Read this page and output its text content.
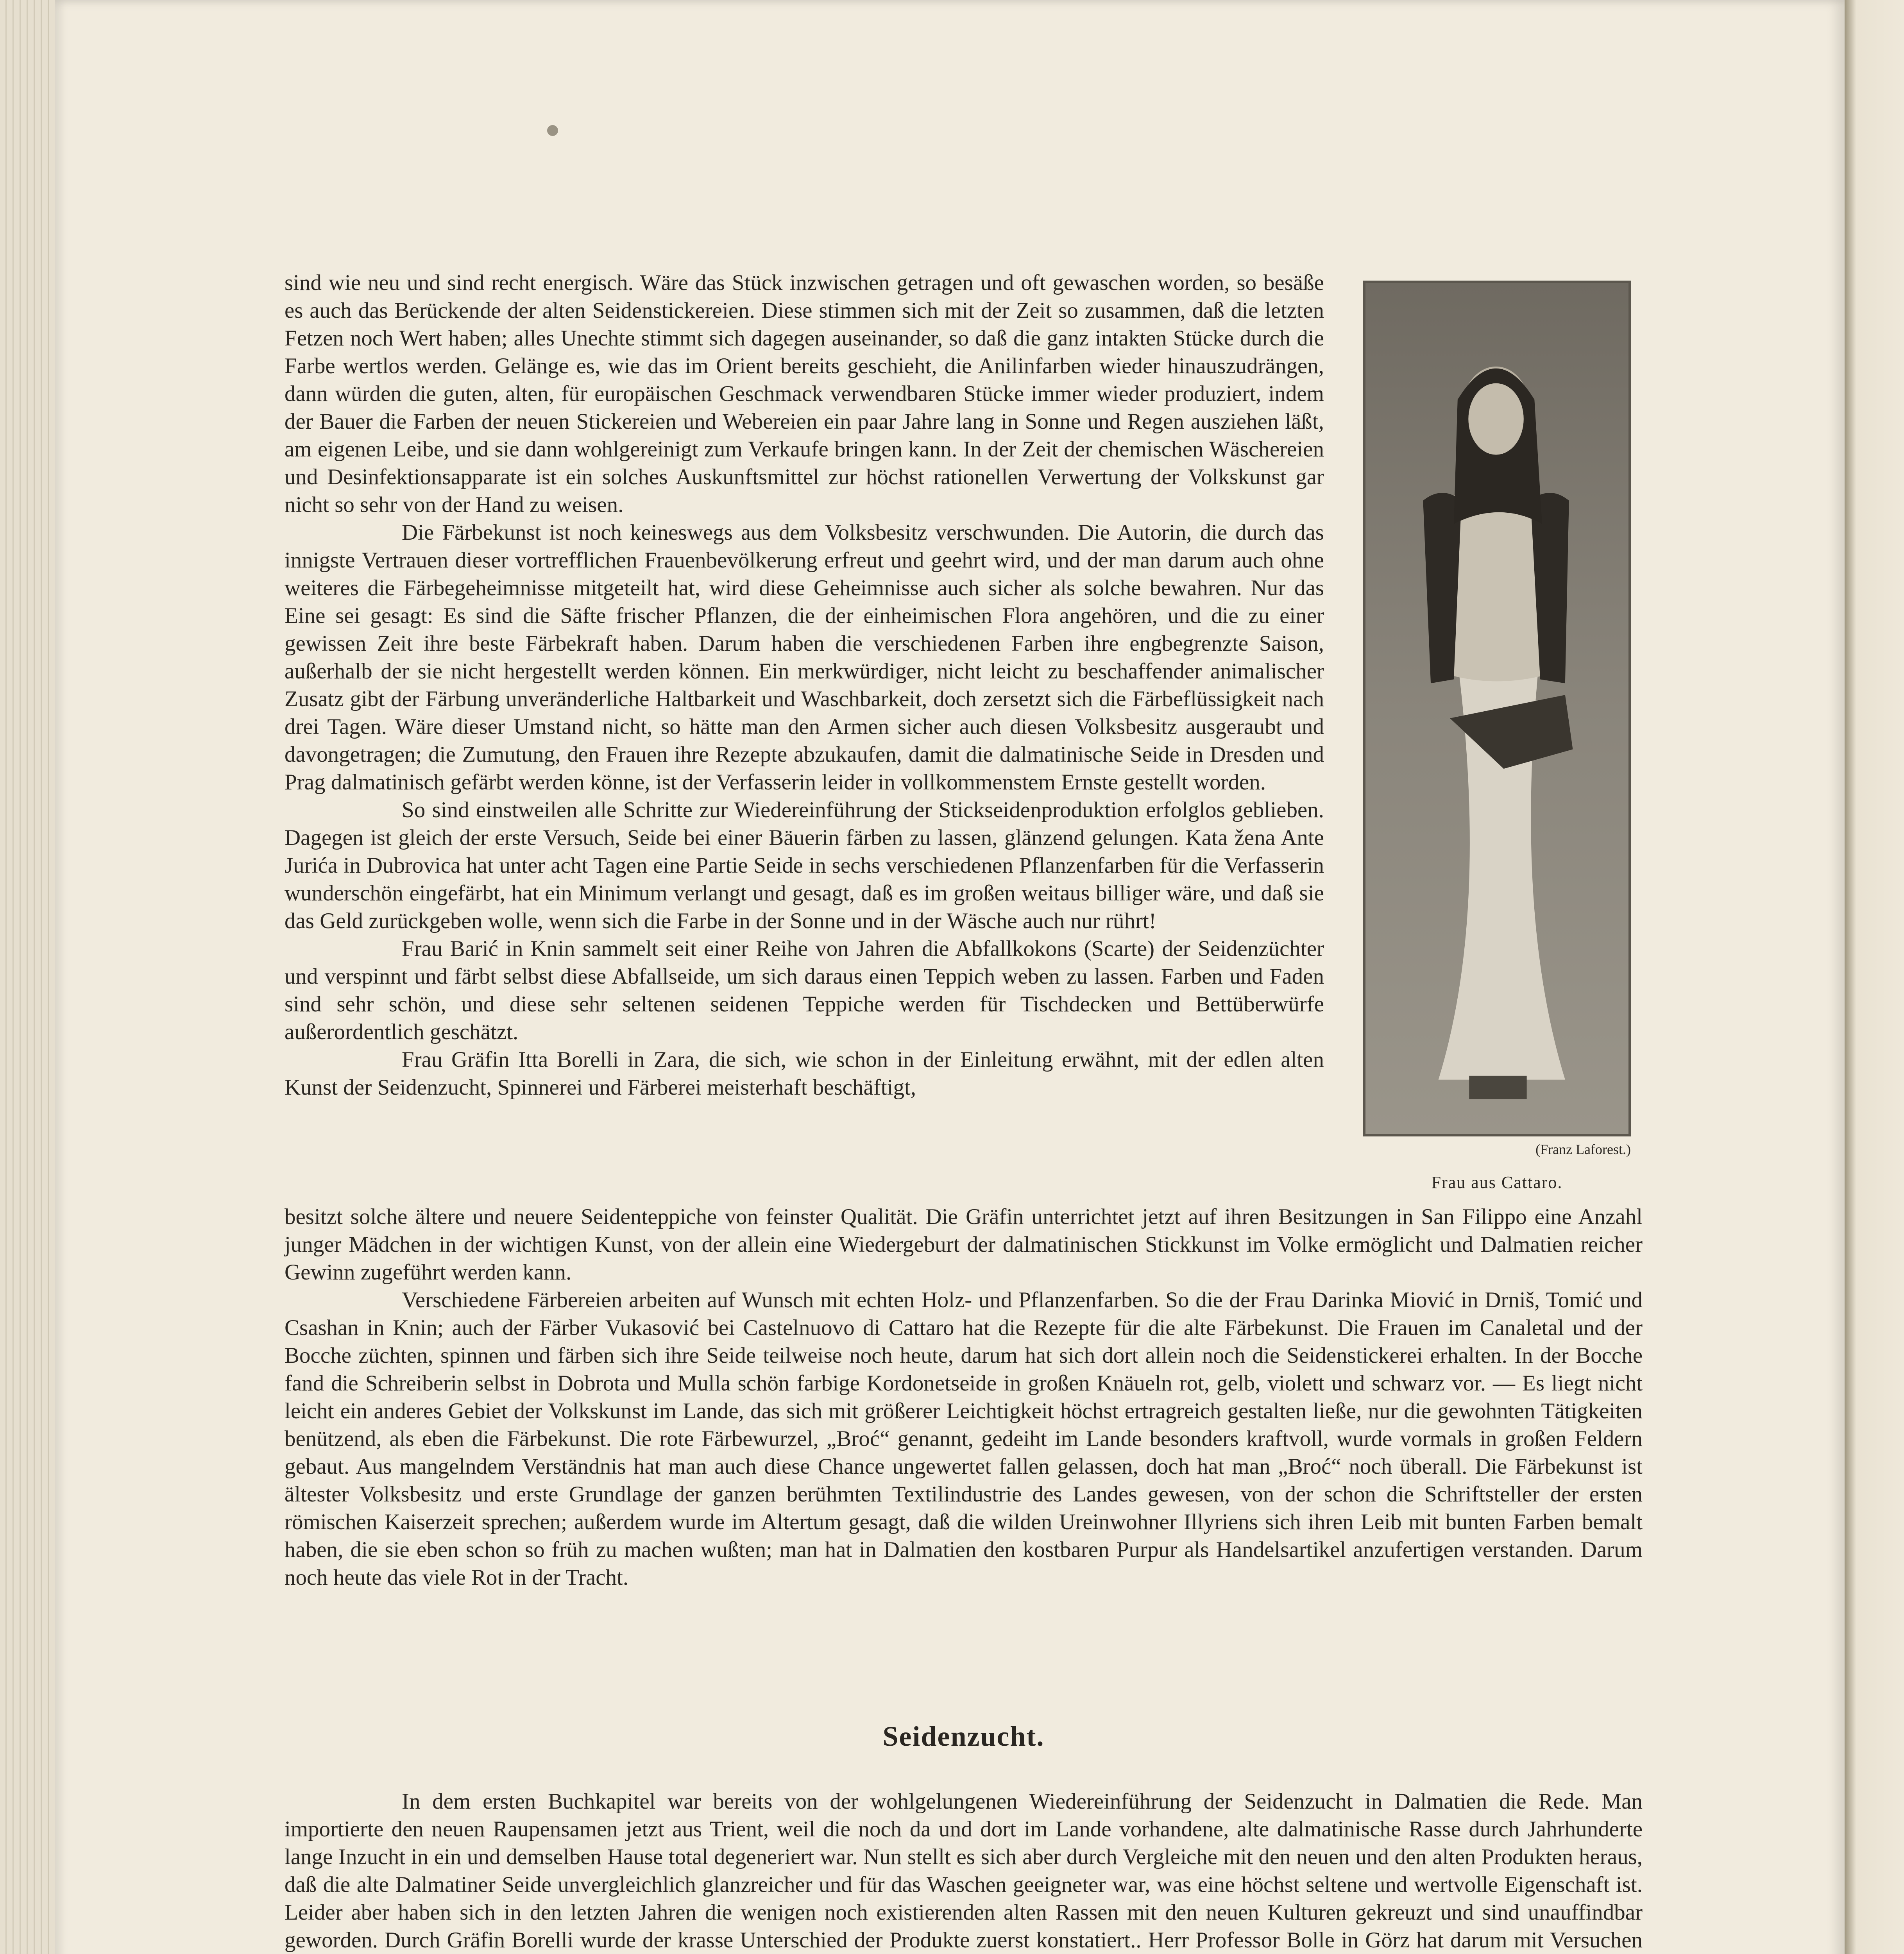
sind wie neu und sind recht energisch. Wäre das Stück inzwischen getragen und oft gewaschen worden, so besäße es auch das Berückende der alten Seidenstickereien. Diese stimmen sich mit der Zeit so zusammen, daß die letzten Fetzen noch Wert haben; alles Unechte stimmt sich dagegen auseinander, so daß die ganz intakten Stücke durch die Farbe wertlos werden. Gelänge es, wie das im Orient bereits geschieht, die Anilinfarben wieder hinauszudrängen, dann würden die guten, alten, für europäischen Geschmack verwendbaren Stücke immer wieder produziert, indem der Bauer die Farben der neuen Stickereien und Webereien ein paar Jahre lang in Sonne und Regen ausziehen läßt, am eigenen Leibe, und sie dann wohlgereinigt zum Verkaufe bringen kann. In der Zeit der chemischen Wäschereien und Desinfektionsapparate ist ein solches Auskunftsmittel zur höchst rationellen Verwertung der Volkskunst gar nicht so sehr von der Hand zu weisen.

Die Färbekunst ist noch keineswegs aus dem Volksbesitz verschwunden. Die Autorin, die durch das innigste Vertrauen dieser vortrefflichen Frauenbevölkerung erfreut und geehrt wird, und der man darum auch ohne weiteres die Färbegeheimnisse mitgeteilt hat, wird diese Geheimnisse auch sicher als solche bewahren. Nur das Eine sei gesagt: Es sind die Säfte frischer Pflanzen, die der einheimischen Flora angehören, und die zu einer gewissen Zeit ihre beste Färbekraft haben. Darum haben die verschiedenen Farben ihre engbegrenzte Saison, außerhalb der sie nicht hergestellt werden können. Ein merkwürdiger, nicht leicht zu beschaffender animalischer Zusatz gibt der Färbung unveränderliche Haltbarkeit und Waschbarkeit, doch zersetzt sich die Färbeflüssigkeit nach drei Tagen. Wäre dieser Umstand nicht, so hätte man den Armen sicher auch diesen Volksbesitz ausgeraubt und davongetragen; die Zumutung, den Frauen ihre Rezepte abzukaufen, damit die dalmatinische Seide in Dresden und Prag dalmatinisch gefärbt werden könne, ist der Verfasserin leider in vollkommenstem Ernste gestellt worden.

So sind einstweilen alle Schritte zur Wiedereinführung der Stickseidenproduktion erfolglos geblieben. Dagegen ist gleich der erste Versuch, Seide bei einer Bäuerin färben zu lassen, glänzend gelungen. Kata žena Ante Jurića in Dubrovica hat unter acht Tagen eine Partie Seide in sechs verschiedenen Pflanzenfarben für die Verfasserin wunderschön eingefärbt, hat ein Minimum verlangt und gesagt, daß es im großen weitaus billiger wäre, und daß sie das Geld zurückgeben wolle, wenn sich die Farbe in der Sonne und in der Wäsche auch nur rührt!

Frau Barić in Knin sammelt seit einer Reihe von Jahren die Abfallkokons (Scarte) der Seidenzüchter und verspinnt und färbt selbst diese Abfallseide, um sich daraus einen Teppich weben zu lassen. Farben und Faden sind sehr schön, und diese sehr seltenen seidenen Teppiche werden für Tischdecken und Bettüberwürfe außerordentlich geschätzt.

Frau Gräfin Itta Borelli in Zara, die sich, wie schon in der Einleitung erwähnt, mit der edlen alten Kunst der Seidenzucht, Spinnerei und Färberei meisterhaft beschäftigt,

(Franz Laforest.)
Frau aus Cattaro.

besitzt solche ältere und neuere Seidenteppiche von feinster Qualität. Die Gräfin unterrichtet jetzt auf ihren Besitzungen in San Filippo eine Anzahl junger Mädchen in der wichtigen Kunst, von der allein eine Wiedergeburt der dalmatinischen Stickkunst im Volke ermöglicht und Dalmatien reicher Gewinn zugeführt werden kann.

Verschiedene Färbereien arbeiten auf Wunsch mit echten Holz- und Pflanzenfarben. So die der Frau Darinka Miović in Drniš, Tomić und Csashan in Knin; auch der Färber Vukasović bei Castelnuovo di Cattaro hat die Rezepte für die alte Färbekunst. Die Frauen im Canaletal und der Bocche züchten, spinnen und färben sich ihre Seide teilweise noch heute, darum hat sich dort allein noch die Seidenstickerei erhalten. In der Bocche fand die Schreiberin selbst in Dobrota und Mulla schön farbige Kordonetseide in großen Knäueln rot, gelb, violett und schwarz vor. — Es liegt nicht leicht ein anderes Gebiet der Volkskunst im Lande, das sich mit größerer Leichtigkeit höchst ertragreich gestalten ließe, nur die gewohnten Tätigkeiten benützend, als eben die Färbekunst. Die rote Färbewurzel, „Broć“ genannt, gedeiht im Lande besonders kraftvoll, wurde vormals in großen Feldern gebaut. Aus mangelndem Verständnis hat man auch diese Chance ungewertet fallen gelassen, doch hat man „Broć“ noch überall. Die Färbekunst ist ältester Volksbesitz und erste Grundlage der ganzen berühmten Textilindustrie des Landes gewesen, von der schon die Schriftsteller der ersten römischen Kaiserzeit sprechen; außerdem wurde im Altertum gesagt, daß die wilden Ureinwohner Illyriens sich ihren Leib mit bunten Farben bemalt haben, die sie eben schon so früh zu machen wußten; man hat in Dalmatien den kostbaren Purpur als Handelsartikel anzufertigen verstanden. Darum noch heute das viele Rot in der Tracht.

Seidenzucht.

In dem ersten Buchkapitel war bereits von der wohlgelungenen Wiedereinführung der Seidenzucht in Dalmatien die Rede. Man importierte den neuen Raupensamen jetzt aus Trient, weil die noch da und dort im Lande vorhandene, alte dalmatinische Rasse durch Jahrhunderte lange Inzucht in ein und demselben Hause total degeneriert war. Nun stellt es sich aber durch Vergleiche mit den neuen und den alten Produkten heraus, daß die alte Dalmatiner Seide unvergleichlich glanzreicher und für das Waschen geeigneter war, was eine höchst seltene und wertvolle Eigenschaft ist. Leider aber haben sich in den letzten Jahren die wenigen noch existierenden alten Rassen mit den neuen Kulturen gekreuzt und sind unauffindbar geworden. Durch Gräfin Borelli wurde der krasse Unterschied der Produkte zuerst konstatiert.. Herr Professor Bolle in Görz hat darum mit Versuchen
